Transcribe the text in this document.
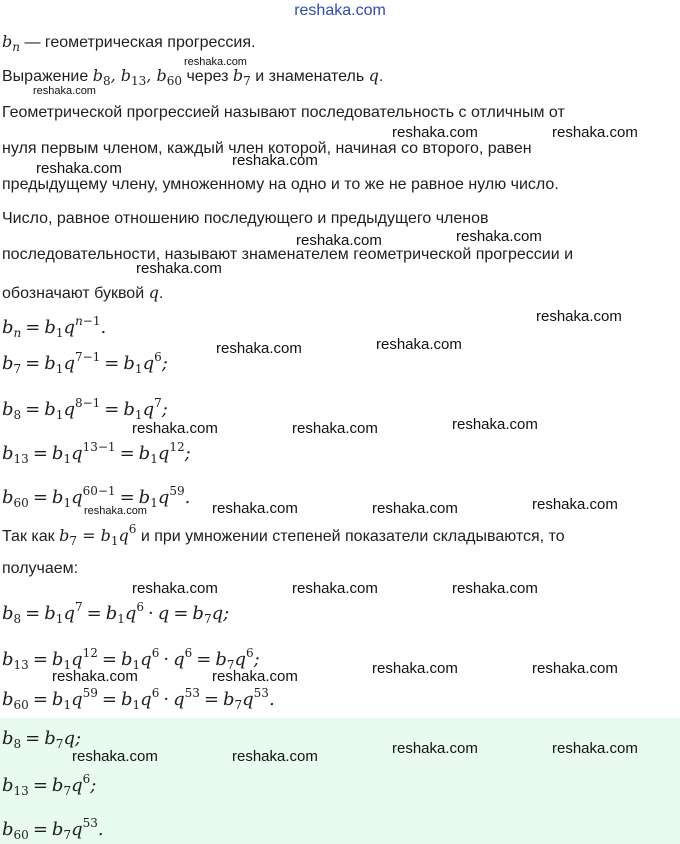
reshaka.com
$b_n$ — геометрическая прогрессия.
Выражение $b_8$, $b_{13}$, $b_{60}$ через $b_7$ и знаменатель q.
Геометрической прогрессией называют последовательность с отличным от
нуля первым членом, каждый член которой, начиная со второго, равен
предыдущему члену, умноженному на одно и то же не равное нулю число.
Число, равное отношению последующего и предыдущего членов
последовательности, называют знаменателем геометрической прогрессии и
обозначают буквой q.
$b_n = b_1q^{n-1}$.
$b_7 = b_1q^{7-1} = b_1q^6$;
$b_8 = b_1q^{8-1} = b_1q^7$;
$b_{13} = b_1q^{13-1} = b_1q^{12}$;
$b_{60} = b_1q^{60-1} = b_1q^{59}$.
Так как $b_7 = b_1q^6$ и при умножении степеней показатели складываются, то
получаем:
$b_8 = b_1q^7 = b_1q^6 \cdot q = b_7q$;
$b_{13} = b_1q^{12} = b_1q^6 \cdot q^6 = b_7q^6$;
$b_{60} = b_1q^{59} = b_1q^6 \cdot q^{53} = b_7q^{53}$.
$b_8 = b_7q$;
$b_{13} = b_7q^6$;
$b_{60} = b_7q^{53}$.
reshaka.com
reshaka.com
reshaka.com	reshaka.com
reshaka.com
reshaka.com
reshaka.com	reshaka.com
reshaka.com
reshaka.com
reshaka.com	reshaka.com
reshaka.com	reshaka.com	reshaka.com
reshaka.com	reshaka.com	reshaka.com
reshaka.com
reshaka.com	reshaka.com	reshaka.com
reshaka.com	reshaka.com	reshaka.com	reshaka.com
reshaka.com	reshaka.com
reshaka.com	reshaka.com
